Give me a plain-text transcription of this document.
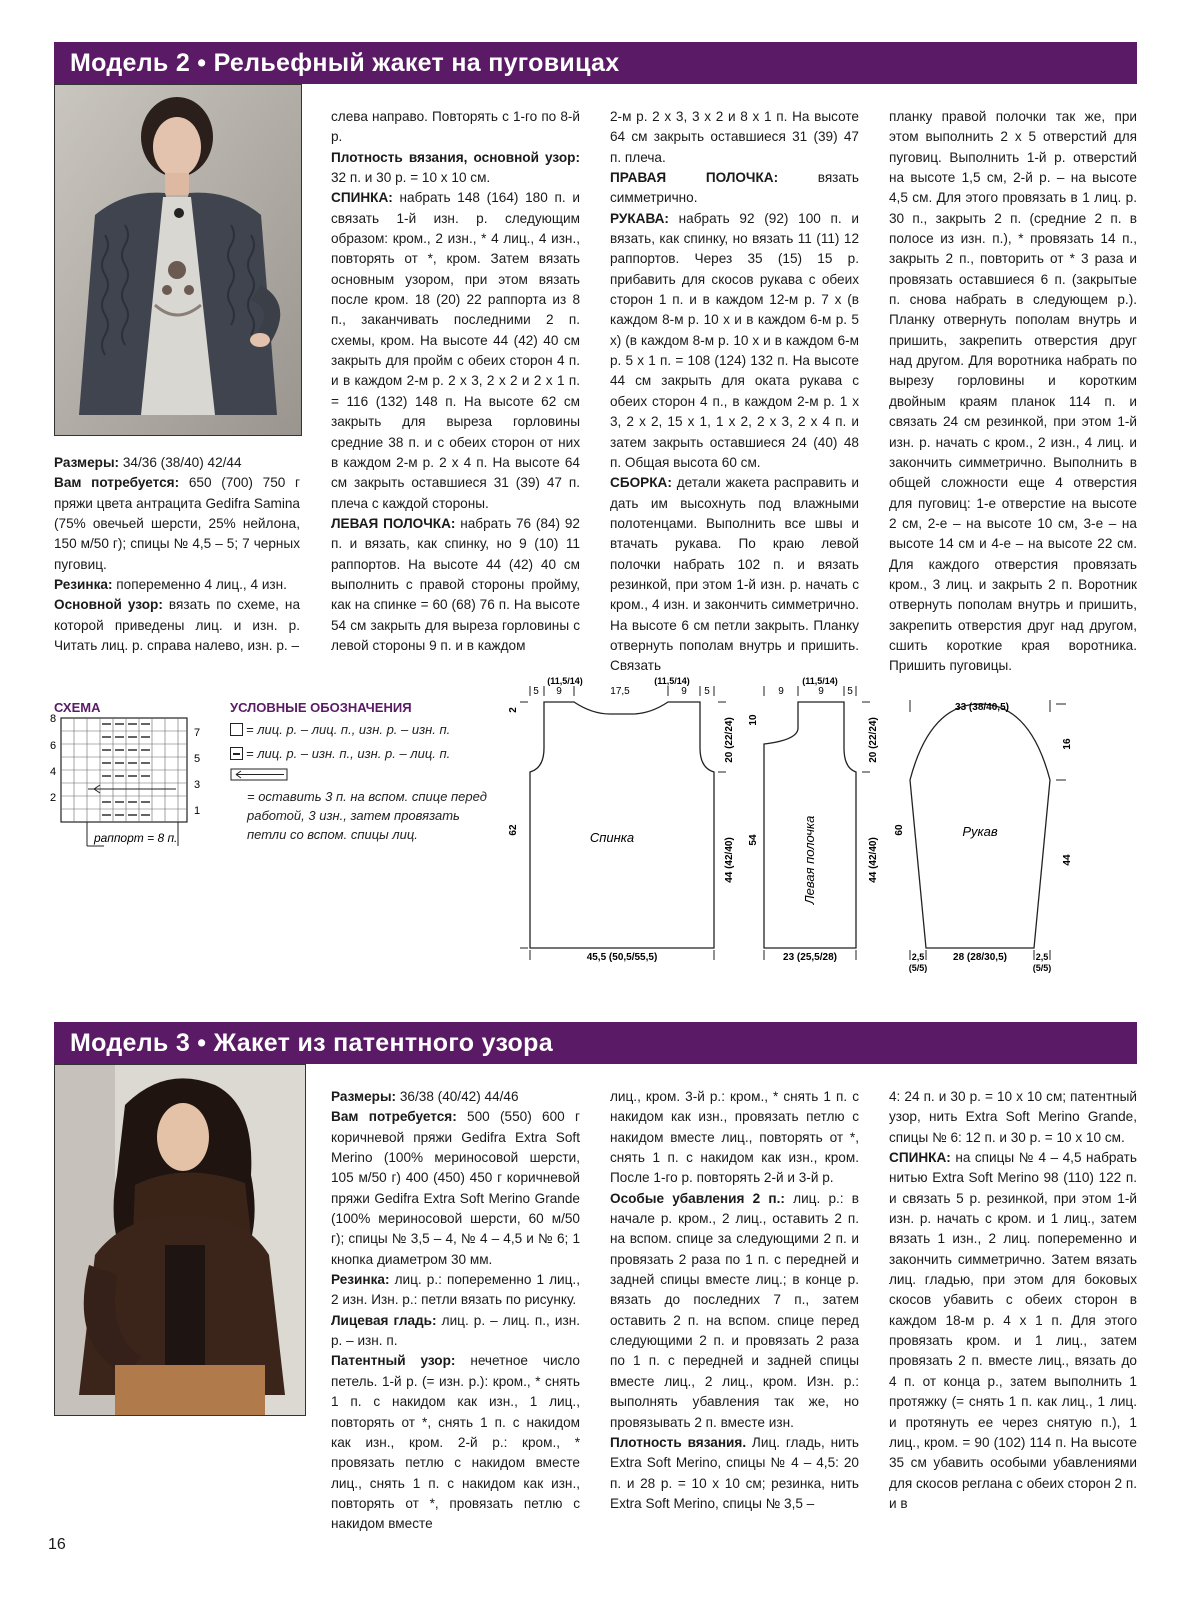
Модель 2 • Рельефный жакет на пуговицах

Размеры: 34/36 (38/40) 42/44

Вам потребуется: 650 (700) 750 г пряжи цвета антрацита Gedifra Samina (75% овечьей шерсти, 25% нейлона, 150 м/50 г); спицы № 4,5 – 5; 7 черных пуговиц.

Резинка: попеременно 4 лиц., 4 изн.

Основной узор: вязать по схеме, на которой приведены лиц. и изн. р. Читать лиц. р. справа налево, изн. р. –

слева направо. Повторять с 1-го по 8-й р.

Плотность вязания, основной узор: 32 п. и 30 р. = 10 x 10 см.

СПИНКА: набрать 148 (164) 180 п. и связать 1-й изн. р. следующим образом: кром., 2 изн., * 4 лиц., 4 изн., повторять от *, кром. Затем вязать основным узором, при этом вязать после кром. 18 (20) 22 раппорта из 8 п., заканчивать последними 2 п. схемы, кром. На высоте 44 (42) 40 см закрыть для пройм с обеих сторон 4 п. и в каждом 2-м р. 2 x 3, 2 x 2 и 2 x 1 п. = 116 (132) 148 п. На высоте 62 см закрыть для выреза горловины средние 38 п. и с обеих сторон от них в каждом 2-м р. 2 x 4 п. На высоте 64 см закрыть оставшиеся 31 (39) 47 п. плеча с каждой стороны.

ЛЕВАЯ ПОЛОЧКА: набрать 76 (84) 92 п. и вязать, как спинку, но 9 (10) 11 раппортов. На высоте 44 (42) 40 см выполнить с правой стороны пройму, как на спинке = 60 (68) 76 п. На высоте 54 см закрыть для выреза горловины с левой стороны 9 п. и в каждом

2-м р. 2 x 3, 3 x 2 и 8 x 1 п. На высоте 64 см закрыть оставшиеся 31 (39) 47 п. плеча.

ПРАВАЯ ПОЛОЧКА: вязать симметрично.

РУКАВА: набрать 92 (92) 100 п. и вязать, как спинку, но вязать 11 (11) 12 раппортов. Через 35 (15) 15 р. прибавить для скосов рукава с обеих сторон 1 п. и в каждом 12-м р. 7 x (в каждом 8-м р. 10 x и в каждом 6-м р. 5 x) (в каждом 8-м р. 10 x и в каждом 6-м р. 5 x 1 п. = 108 (124) 132 п. На высоте 44 см закрыть для оката рукава с обеих сторон 4 п., в каждом 2-м р. 1 x 3, 2 x 2, 15 x 1, 1 x 2, 2 x 3, 2 x 4 п. и затем закрыть оставшиеся 24 (40) 48 п. Общая высота 60 см.

СБОРКА: детали жакета расправить и дать им высохнуть под влажными полотенцами. Выполнить все швы и втачать рукава. По краю левой полочки набрать 102 п. и вязать резинкой, при этом 1-й изн. р. начать с кром., 4 изн. и закончить симметрично. На высоте 6 см петли закрыть. Планку отвернуть пополам внутрь и пришить. Связать

планку правой полочки так же, при этом выполнить 2 x 5 отверстий для пуговиц. Выполнить 1-й р. отверстий на высоте 1,5 см, 2-й р. – на высоте 4,5 см. Для этого провязать в 1 лиц. р. 30 п., закрыть 2 п. (средние 2 п. в полосе из изн. п.), * провязать 14 п., закрыть 2 п., повторить от * 3 раза и провязать оставшиеся 6 п. (закрытые п. снова набрать в следующем р.). Планку отвернуть пополам внутрь и пришить, закрепить отверстия друг над другом. Для воротника набрать по вырезу горловины и коротким двойным краям планок 114 п. и связать 24 см резинкой, при этом 1-й изн. р. начать с кром., 2 изн., 4 лиц. и закончить симметрично. Выполнить в общей сложности еще 4 отверстия для пуговиц: 1-е отверстие на высоте 2 см, 2-е – на высоте 10 см, 3-е – на высоте 14 см и 4-е – на высоте 22 см. Для каждого отверстия провязать кром., 3 лиц. и закрыть 2 п. Воротник отвернуть пополам внутрь и пришить, закрепить отверстия друг над другом, сшить короткие края воротника. Пришить пуговицы.

СХЕМА
8
6
4
2
7
5
3
1
раппорт = 8 п.
УСЛОВНЫЕ ОБОЗНАЧЕНИЯ
= лиц. р. – лиц. п., изн. р. – изн. п.
= лиц. р. – изн. п., изн. р. – лиц. п.
= оставить 3 п. на вспом. спице перед работой, 3 изн., затем провязать петли со вспом. спицы лиц.	Спинка
5
(11,5/14)
9	17,5
(11,5/14)
9 5
2
62
20 (22/24)
44 (42/40)
45,5 (50,5/55,5)
Левая полочка
9
(11,5/14)
9 5
10
54
20 (22/24)
44 (42/40)
23 (25,5/28)
Рукав
33 (38/40,5)
16
44
60
28 (28/30,5)
2,5
(5/5)
2,5
(5/5)
Модель 3 • Жакет из патентного узора

Размеры: 36/38 (40/42) 44/46

Вам потребуется: 500 (550) 600 г коричневой пряжи Gedifra Extra Soft Merino (100% мериносовой шерсти, 105 м/50 г) 400 (450) 450 г коричневой пряжи Gedifra Extra Soft Merino Grande (100% мериносовой шерсти, 60 м/50 г); спицы № 3,5 – 4, № 4 – 4,5 и № 6; 1 кнопка диаметром 30 мм.

Резинка: лиц. р.: попеременно 1 лиц., 2 изн. Изн. р.: петли вязать по рисунку.

Лицевая гладь: лиц. р. – лиц. п., изн. р. – изн. п.

Патентный узор: нечетное число петель. 1-й р. (= изн. р.): кром., * снять 1 п. с накидом как изн., 1 лиц., повторять от *, снять 1 п. с накидом как изн., кром. 2-й р.: кром., * провязать петлю с накидом вместе лиц., снять 1 п. с накидом как изн., повторять от *, провязать петлю с накидом вместе

лиц., кром. 3-й р.: кром., * снять 1 п. с накидом как изн., провязать петлю с накидом вместе лиц., повторять от *, снять 1 п. с накидом как изн., кром. После 1-го р. повторять 2-й и 3-й р.

Особые убавления 2 п.: лиц. р.: в начале р. кром., 2 лиц., оставить 2 п. на вспом. спице за следующими 2 п. и провязать 2 раза по 1 п. с передней и задней спицы вместе лиц.; в конце р. вязать до последних 7 п., затем оставить 2 п. на вспом. спице перед следующими 2 п. и провязать 2 раза по 1 п. с передней и задней спицы вместе лиц., 2 лиц., кром. Изн. р.: выполнять убавления так же, но провязывать 2 п. вместе изн.

Плотность вязания. Лиц. гладь, нить Extra Soft Merino, спицы № 4 – 4,5: 20 п. и 28 р. = 10 x 10 см; резинка, нить Extra Soft Merino, спицы № 3,5 –

4: 24 п. и 30 р. = 10 x 10 см; патентный узор, нить Extra Soft Merino Grande, спицы № 6: 12 п. и 30 р. = 10 x 10 см.

СПИНКА: на спицы № 4 – 4,5 набрать нитью Extra Soft Merino 98 (110) 122 п. и связать 5 р. резинкой, при этом 1-й изн. р. начать с кром. и 1 лиц., затем вязать 1 изн., 2 лиц. попеременно и закончить симметрично. Затем вязать лиц. гладью, при этом для боковых скосов убавить с обеих сторон в каждом 18-м р. 4 x 1 п. Для этого провязать кром. и 1 лиц., затем провязать 2 п. вместе лиц., вязать до 4 п. от конца р., затем выполнить 1 протяжку (= снять 1 п. как лиц., 1 лиц. и протянуть ее через снятую п.), 1 лиц., кром. = 90 (102) 114 п. На высоте 35 см убавить особыми убавлениями для скосов реглана с обеих сторон 2 п. и в

16
